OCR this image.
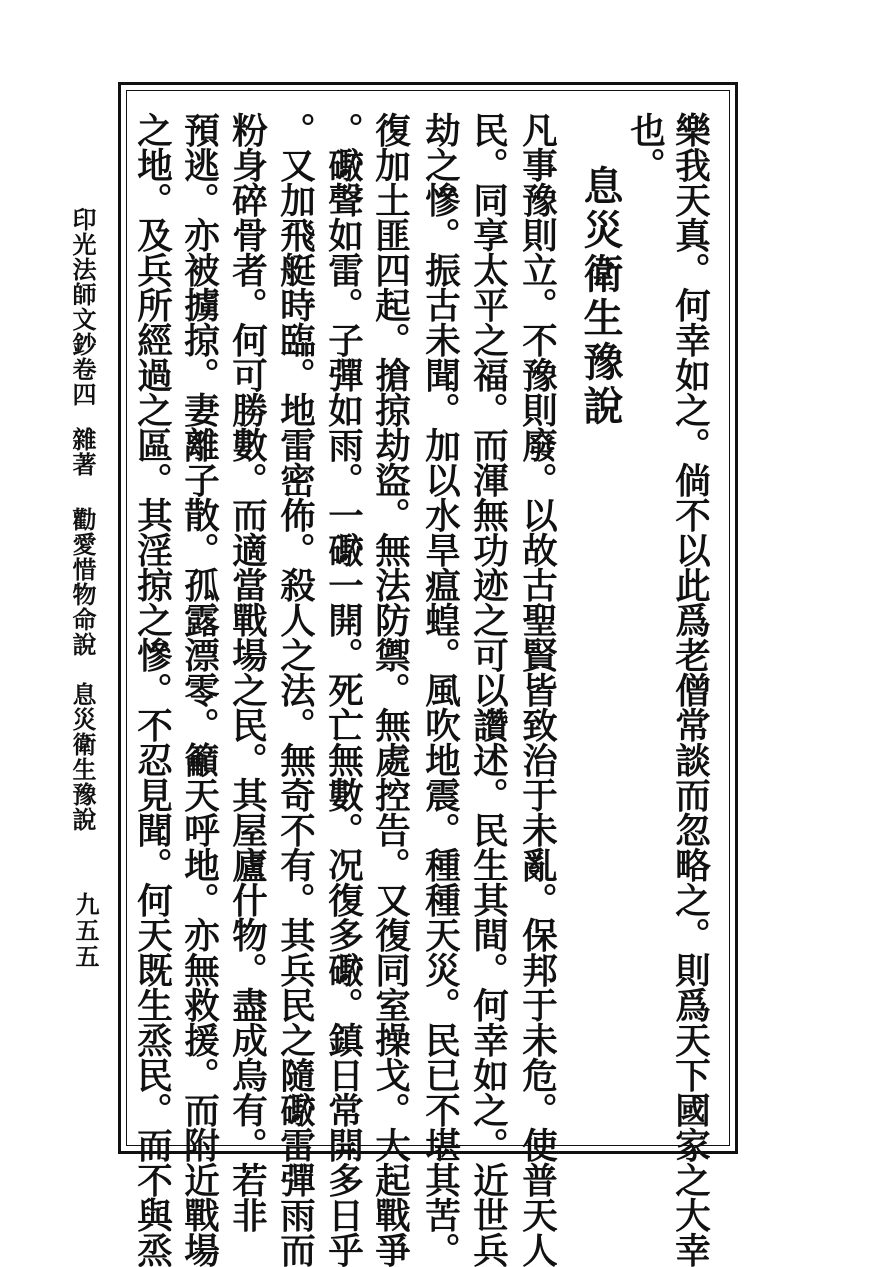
印光法師文鈔卷四
雜著
勸愛惜物命說　息災衛生豫說
九五五	樂我天真。何幸如之。倘不以此爲老僧常談而忽略之。則爲天下國家之大幸
也。
息災衛生豫說
凡事豫則立。不豫則廢。以故古聖賢皆致治于未亂。保邦于未危。使普天人
民。同享太平之福。而渾無功迹之可以讚述。民生其間。何幸如之。近世兵
劫之慘。振古未聞。加以水旱瘟蝗。風吹地震。種種天災。民已不堪其苦。
復加土匪四起。搶掠劫盜。無法防禦。無處控告。又復同室操戈。大起戰爭
。礮聲如雷。子彈如雨。一礮一開。死亡無數。况復多礮。鎮日常開多日乎
。又加飛艇時臨。地雷密佈。殺人之法。無奇不有。其兵民之隨礮雷彈雨而
粉身碎骨者。何可勝數。而適當戰場之民。其屋廬什物。盡成烏有。若非
預逃。亦被擄掠。妻離子散。孤露漂零。籲天呼地。亦無救援。而附近戰場
之地。及兵所經過之區。其淫掠之慘。不忍見聞。何天既生烝民。而不與烝
